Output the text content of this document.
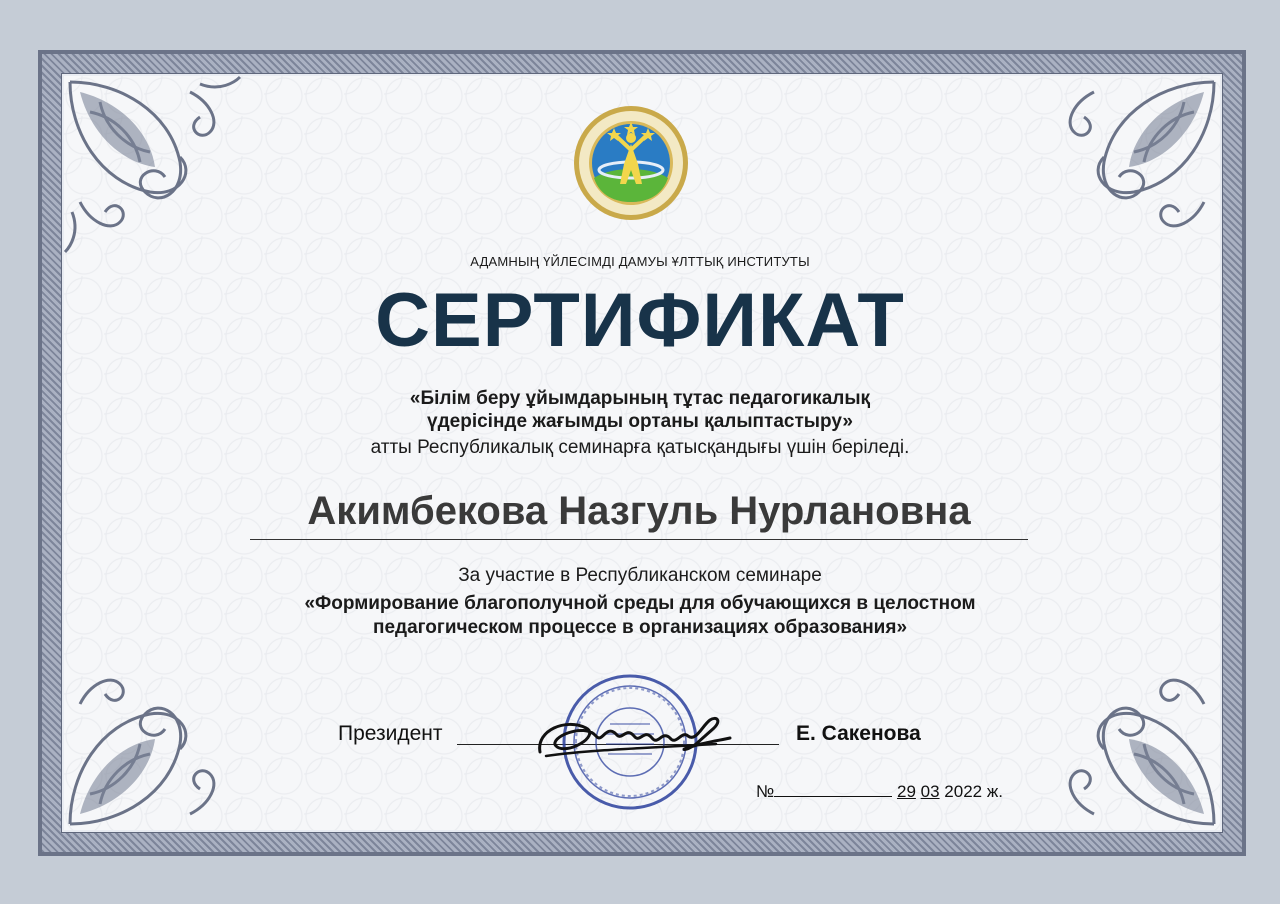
АДАМНЫҢ ҮЙЛЕСІМДІ ДАМУЫ ҰЛТТЫҚ ИНСТИТУТЫ
СЕРТИФИКАТ
«Білім беру ұйымдарының тұтас педагогикалық
үдерісінде жағымды ортаны қалыптастыру»
атты Республикалық семинарға қатысқандығы үшін беріледі.
Акимбекова Назгуль Нурлановна
За участие в Республиканском семинаре
«Формирование благополучной среды для обучающихся в целостном
педагогическом процессе в организациях образования»
Президент	Е. Сакенова
№	29 03 2022 ж.
